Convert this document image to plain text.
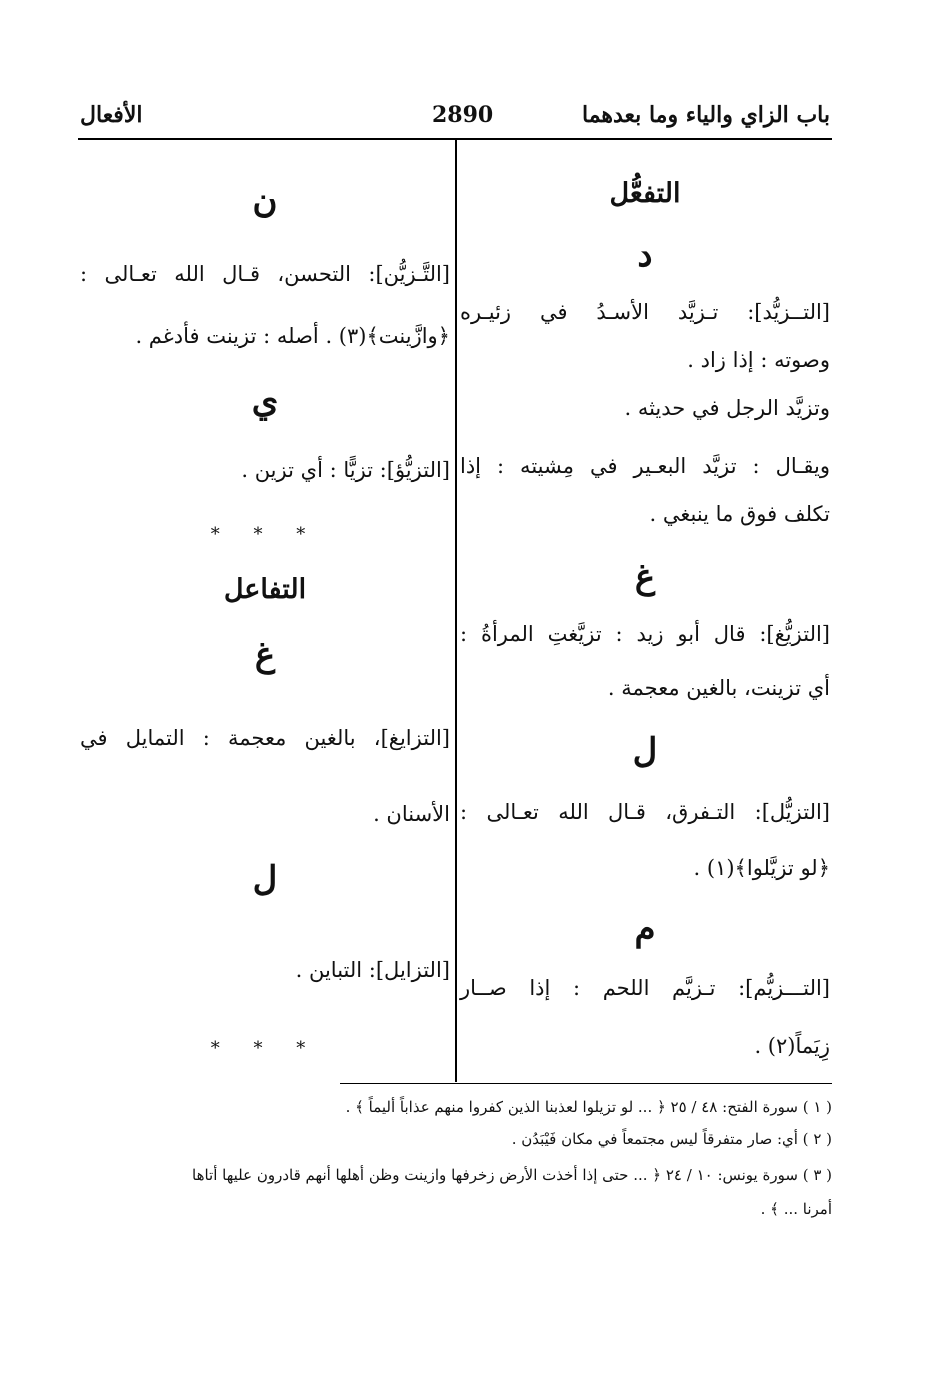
باب الزاي والياء وما بعدهما
2890
الأفعال
التفعُّل
د
[التــزيُّد]: تـزيَّد الأسـدُ في زئيـره
وصوته : إذا زاد .
وتزيَّد الرجل في حديثه .
ويقـال : تزيَّد البعـير في مِشيته : إذا
تكلف فوق ما ينبغي .
غ
[التزيُّغ]: قال أبو زيد : تزيَّغتِ المرأةُ :
أي تزينت، بالغين معجمة .
ل
[التزيُّل]: التـفرق، قـال الله تعـالى :
﴿لو تزيَّلوا﴾(١) .
م
[التـــزيُّم]: تـزيَّم اللحم : إذا صــار
زِيَماً(٢) .
ن
[التَّـزيُّن]: التحسن، قـال الله تعـالى :
﴿وازَّينت﴾(٣) . أصله : تزينت فأدغم .
ي
[التزيُّؤ]: تزيًّا : أي تزين .
* * *
التفاعل
غ
[التزايغ]، بالغين معجمة : التمايل في
الأسنان .
ل
[التزايل]: التباين .
* * *
( ١ ) سورة الفتح: ٤٨ / ٢٥ ﴿ ... لو تزيلوا لعذبنا الذين كفروا منهم عذاباً أليماً ﴾ .
( ٢ ) أي: صار متفرقاً ليس مجتمعاً في مكان فَيْبَدُن .
( ٣ ) سورة يونس: ١٠ / ٢٤ ﴿ ... حتى إذا أخذت الأرض زخرفها وازينت وظن أهلها أنهم قادرون عليها أتاها
أمرنا ... ﴾ .
